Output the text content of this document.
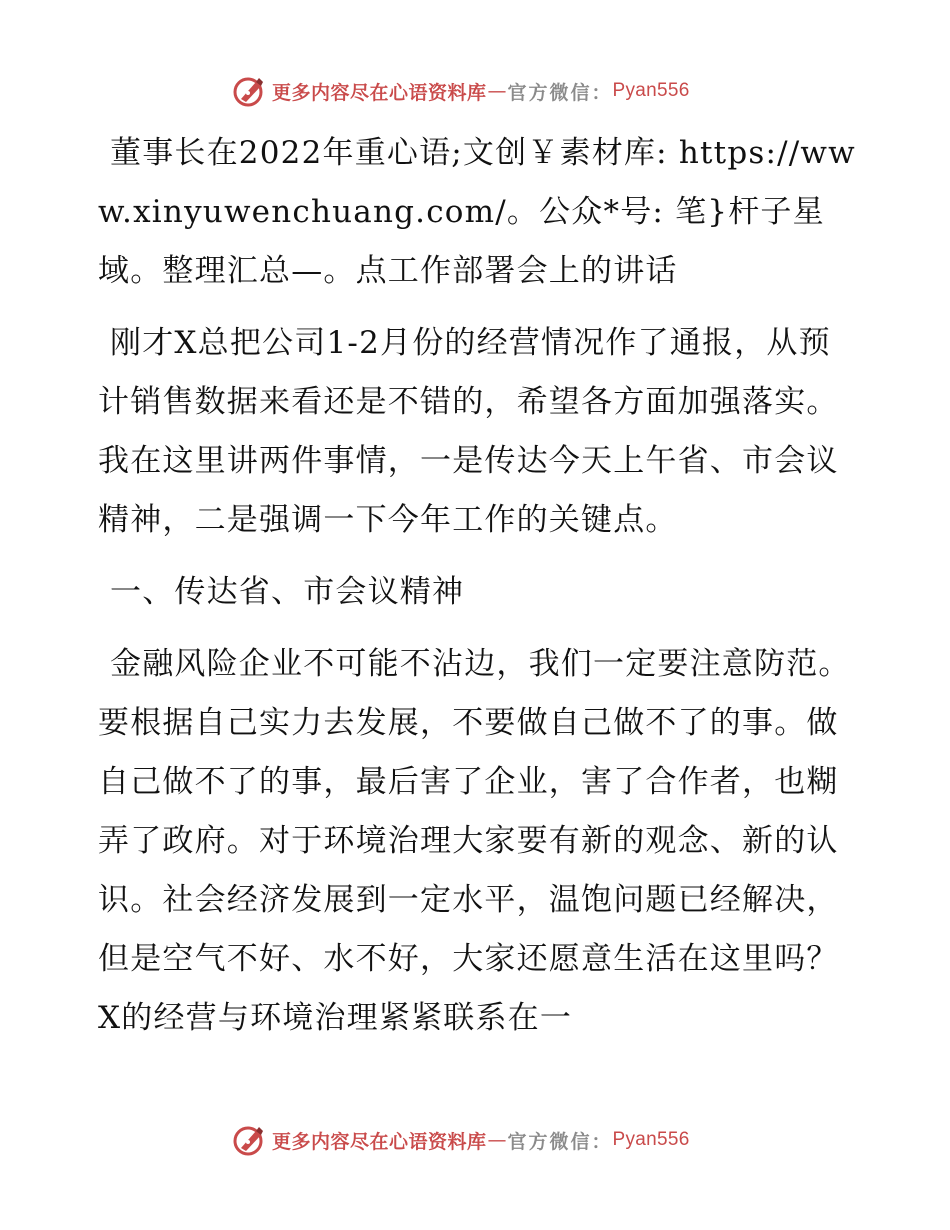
更多内容尽在心语资料库 — 官方微信： Pyan556

董事长在2022年重心语;文创￥素材库: https://www.xinyuwenchuang.com/。公众*号: 笔}杆子星域。整理汇总—。点工作部署会上的讲话

刚才X总把公司1-2月份的经营情况作了通报，从预计销售数据来看还是不错的，希望各方面加强落实。我在这里讲两件事情，一是传达今天上午省、市会议精神，二是强调一下今年工作的关键点。

一、传达省、市会议精神

金融风险企业不可能不沾边，我们一定要注意防范。要根据自己实力去发展，不要做自己做不了的事。做自己做不了的事，最后害了企业，害了合作者，也糊弄了政府。对于环境治理大家要有新的观念、新的认识。社会经济发展到一定水平，温饱问题已经解决，但是空气不好、水不好，大家还愿意生活在这里吗？X的经营与环境治理紧紧联系在一

更多内容尽在心语资料库 — 官方微信： Pyan556
